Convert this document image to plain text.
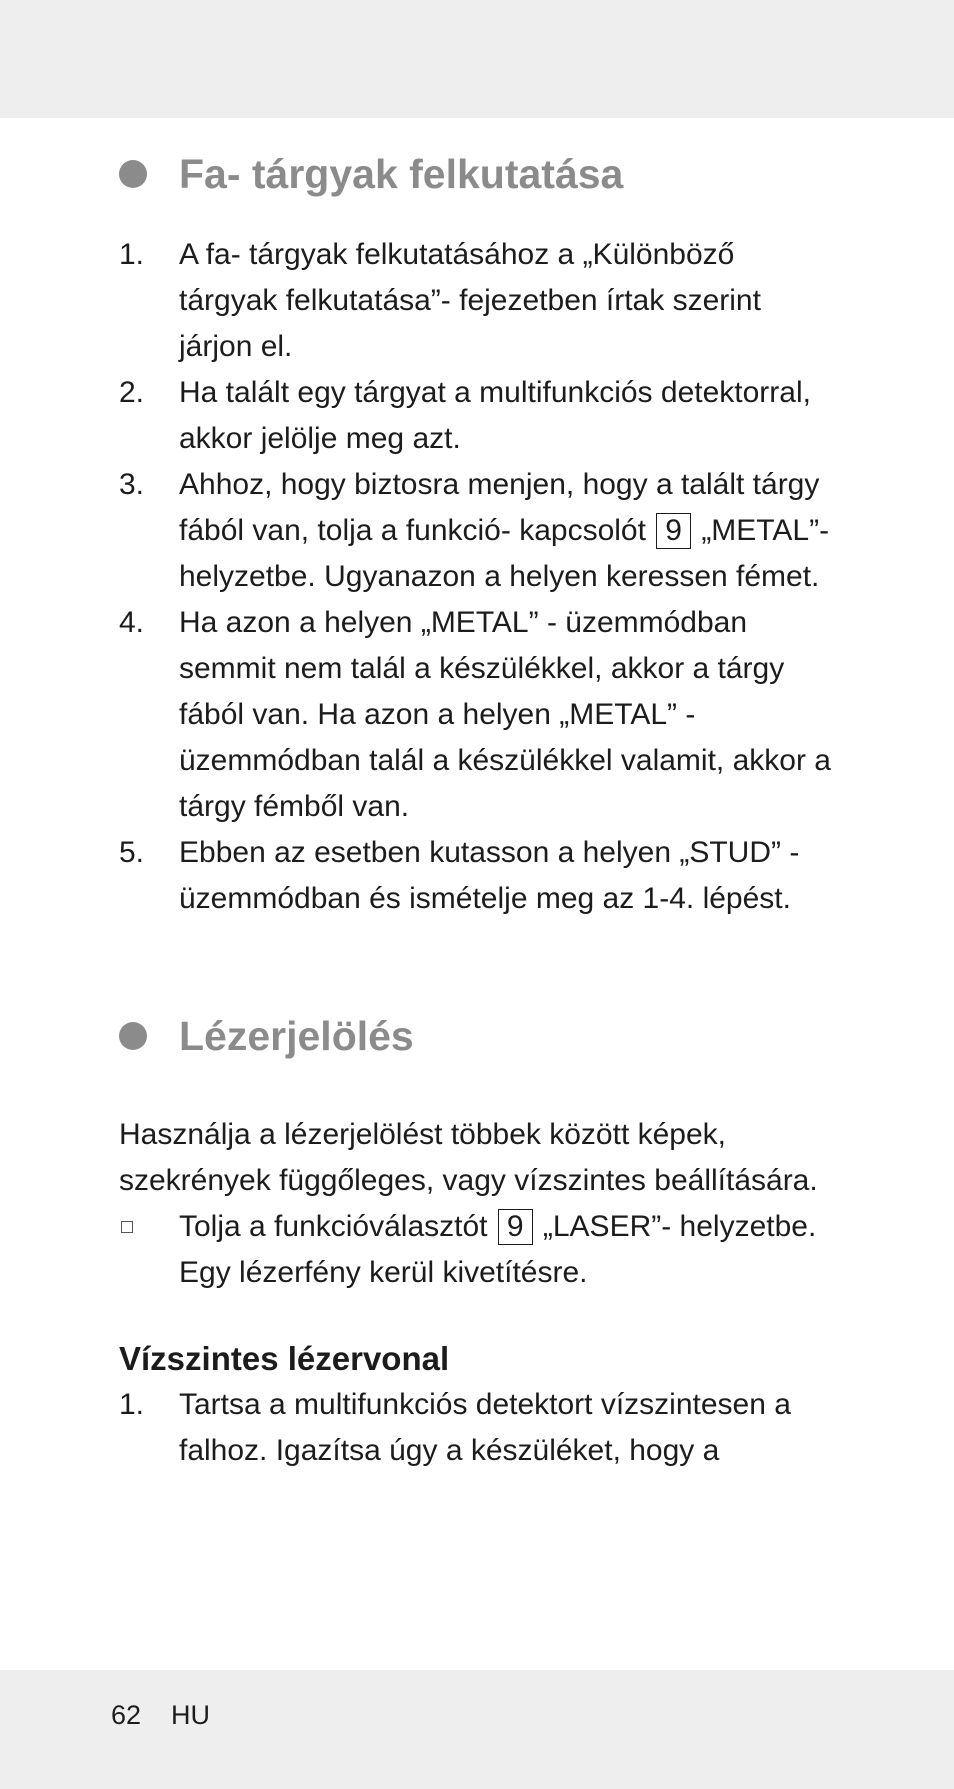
Fa- tárgyak felkutatása
1. A fa- tárgyak felkutatásához a „Különböző tárgyak felkutatása”- fejezetben írtak szerint járjon el.
2. Ha talált egy tárgyat a multifunkciós detektorral, akkor jelölje meg azt.
3. Ahhoz, hogy biztosra menjen, hogy a talált tárgy fából van, tolja a funkció- kapcsolót 9 „METAL”- helyzetbe. Ugyanazon a helyen keressen fémet.
4. Ha azon a helyen „METAL” - üzemmódban semmit nem talál a készülékkel, akkor a tárgy fából van. Ha azon a helyen „METAL” - üzemmódban talál a készülékkel valamit, akkor a tárgy fémből van.
5. Ebben az esetben kutasson a helyen „STUD” - üzemmódban és ismételje meg az 1-4. lépést.
Lézerjelölés

Használja a lézerjelölést többek között képek, szekrények függőleges, vagy vízszintes beállítására.

Tolja a funkcióválasztót 9 „LASER”- helyzetbe. Egy lézerfény kerül kivetítésre.

Vízszintes lézervonal
1. Tartsa a multifunkciós detektort vízszintesen a falhoz. Igazítsa úgy a készüléket, hogy a
62 HU
